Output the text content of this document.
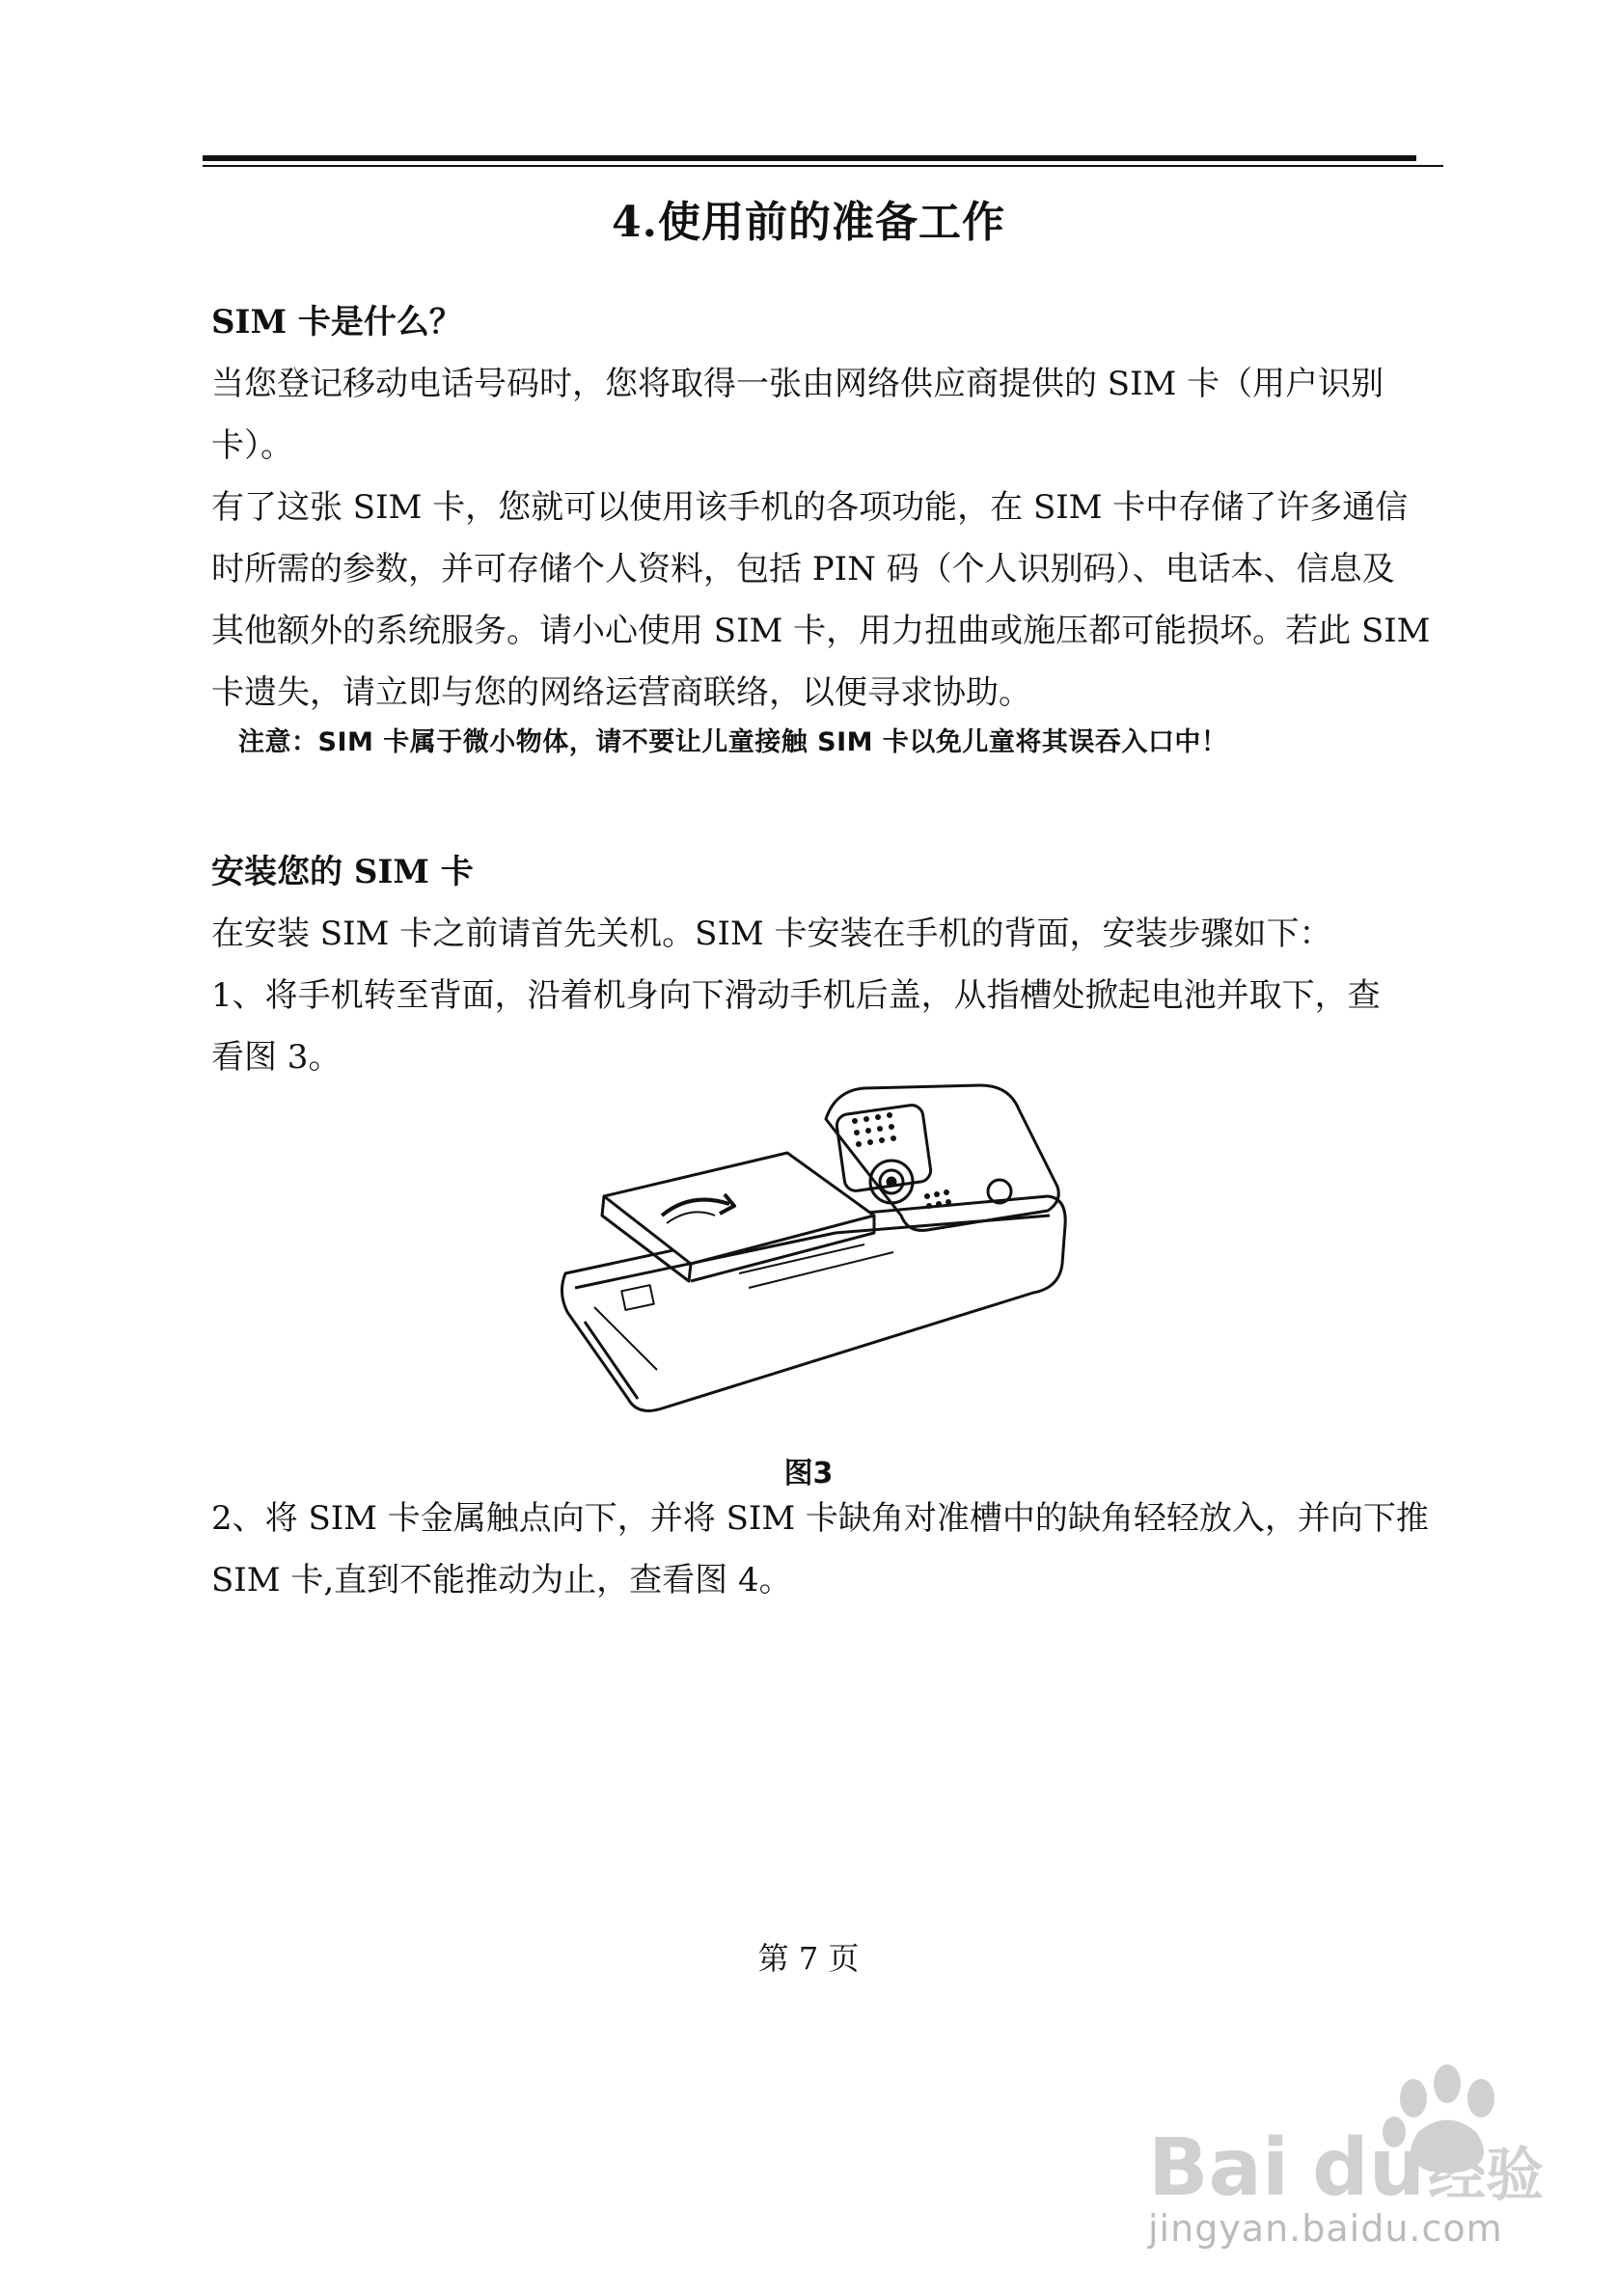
4.使用前的准备工作
SIM 卡是什么？
当您登记移动电话号码时，您将取得一张由网络供应商提供的 SIM 卡（用户识别
卡）。
有了这张 SIM 卡，您就可以使用该手机的各项功能，在 SIM 卡中存储了许多通信
时所需的参数，并可存储个人资料，包括 PIN 码（个人识别码）、电话本、信息及
其他额外的系统服务。请小心使用 SIM 卡，用力扭曲或施压都可能损坏。若此 SIM
卡遗失，请立即与您的网络运营商联络，以便寻求协助。
注意：SIM 卡属于微小物体，请不要让儿童接触 SIM 卡以免儿童将其误吞入口中！
安装您的 SIM 卡
在安装 SIM 卡之前请首先关机。SIM 卡安装在手机的背面，安装步骤如下：
1、将手机转至背面，沿着机身向下滑动手机后盖，从指槽处掀起电池并取下，查
看图 3。
图3
2、将 SIM 卡金属触点向下，并将 SIM 卡缺角对准槽中的缺角轻轻放入，并向下推
SIM 卡,直到不能推动为止，查看图 4。
第 7 页
Bai du 经验
jingyan.baidu.com
